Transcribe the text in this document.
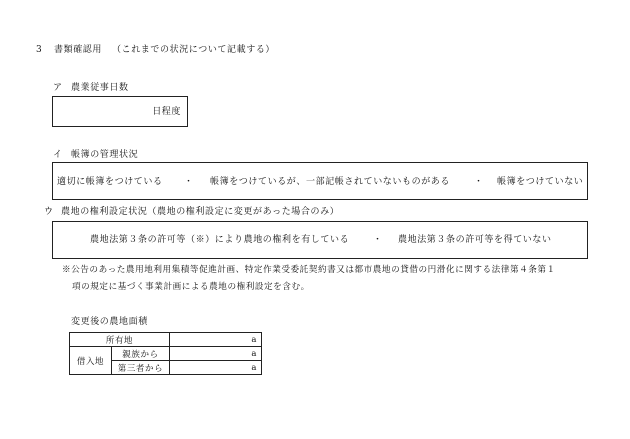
3 書類確認用 （これまでの状況について記載する）
ア 農業従事日数
日程度
イ 帳簿の管理状況
適切に帳簿をつけている ・ 帳簿をつけているが、一部記帳されていないものがある	・ 帳簿をつけていない
ウ 農地の権利設定状況（農地の権利設定に変更があった場合のみ）
農地法第３条の許可等（※）により農地の権利を有している	・ 農地法第３条の許可等を得ていない
※公告のあった農用地利用集積等促進計画、特定作業受委託契約書又は都市農地の貸借の円滑化に関する法律第４条第１
項の規定に基づく事業計画による農地の権利設定を含む。
変更後の農地面積
所有地		a
借入地	親族から	a
	第三者から	a
